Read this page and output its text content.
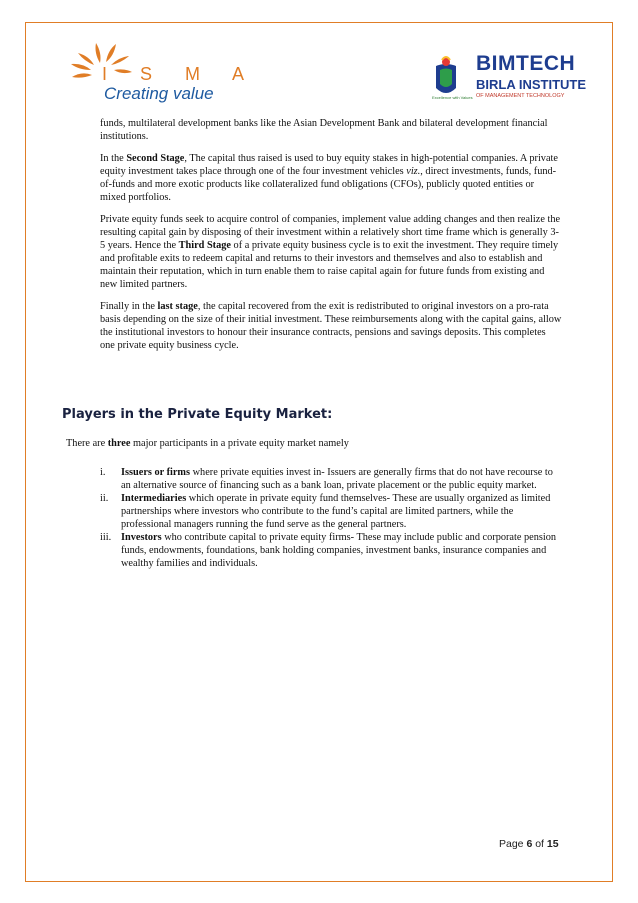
I S M A
Creating value
BIMTECH
BIRLA INSTITUTE
OF MANAGEMENT TECHNOLOGY
Excellence with Values

funds, multilateral development banks like the Asian Development Bank and bilateral development financial institutions.

In the Second Stage, The capital thus raised is used to buy equity stakes in high-potential companies. A private equity investment takes place through one of the four investment vehicles viz., direct investments, funds, fund-of-funds and more exotic products like collateralized fund obligations (CFOs), publicly quoted entities or mixed portfolios.

Private equity funds seek to acquire control of companies, implement value adding changes and then realize the resulting capital gain by disposing of their investment within a relatively short time frame which is generally 3-5 years. Hence the Third Stage of a private equity business cycle is to exit the investment. They require timely and profitable exits to redeem capital and returns to their investors and themselves and also to establish and maintain their reputation, which in turn enable them to raise capital again for future funds from existing and new limited partners.

Finally in the last stage, the capital recovered from the exit is redistributed to original investors on a pro-rata basis depending on the size of their initial investment. These reimbursements along with the capital gains, allow the institutional investors to honour their insurance contracts, pensions and savings deposits. This completes one private equity business cycle.

Players in the Private Equity Market:
There are three major participants in a private equity market namely
i.	Issuers or firms where private equities invest in- Issuers are generally firms that do not have recourse to an alternative source of financing such as a bank loan, private placement or the public equity market.
ii.	Intermediaries which operate in private equity fund themselves- These are usually organized as limited partnerships where investors who contribute to the fund’s capital are limited partners, while the professional managers running the fund serve as the general partners.
iii. Investors who contribute capital to private equity firms- These may include public and corporate pension funds, endowments, foundations, bank holding companies, investment banks, insurance companies and wealthy families and individuals.
Page 6 of 15
